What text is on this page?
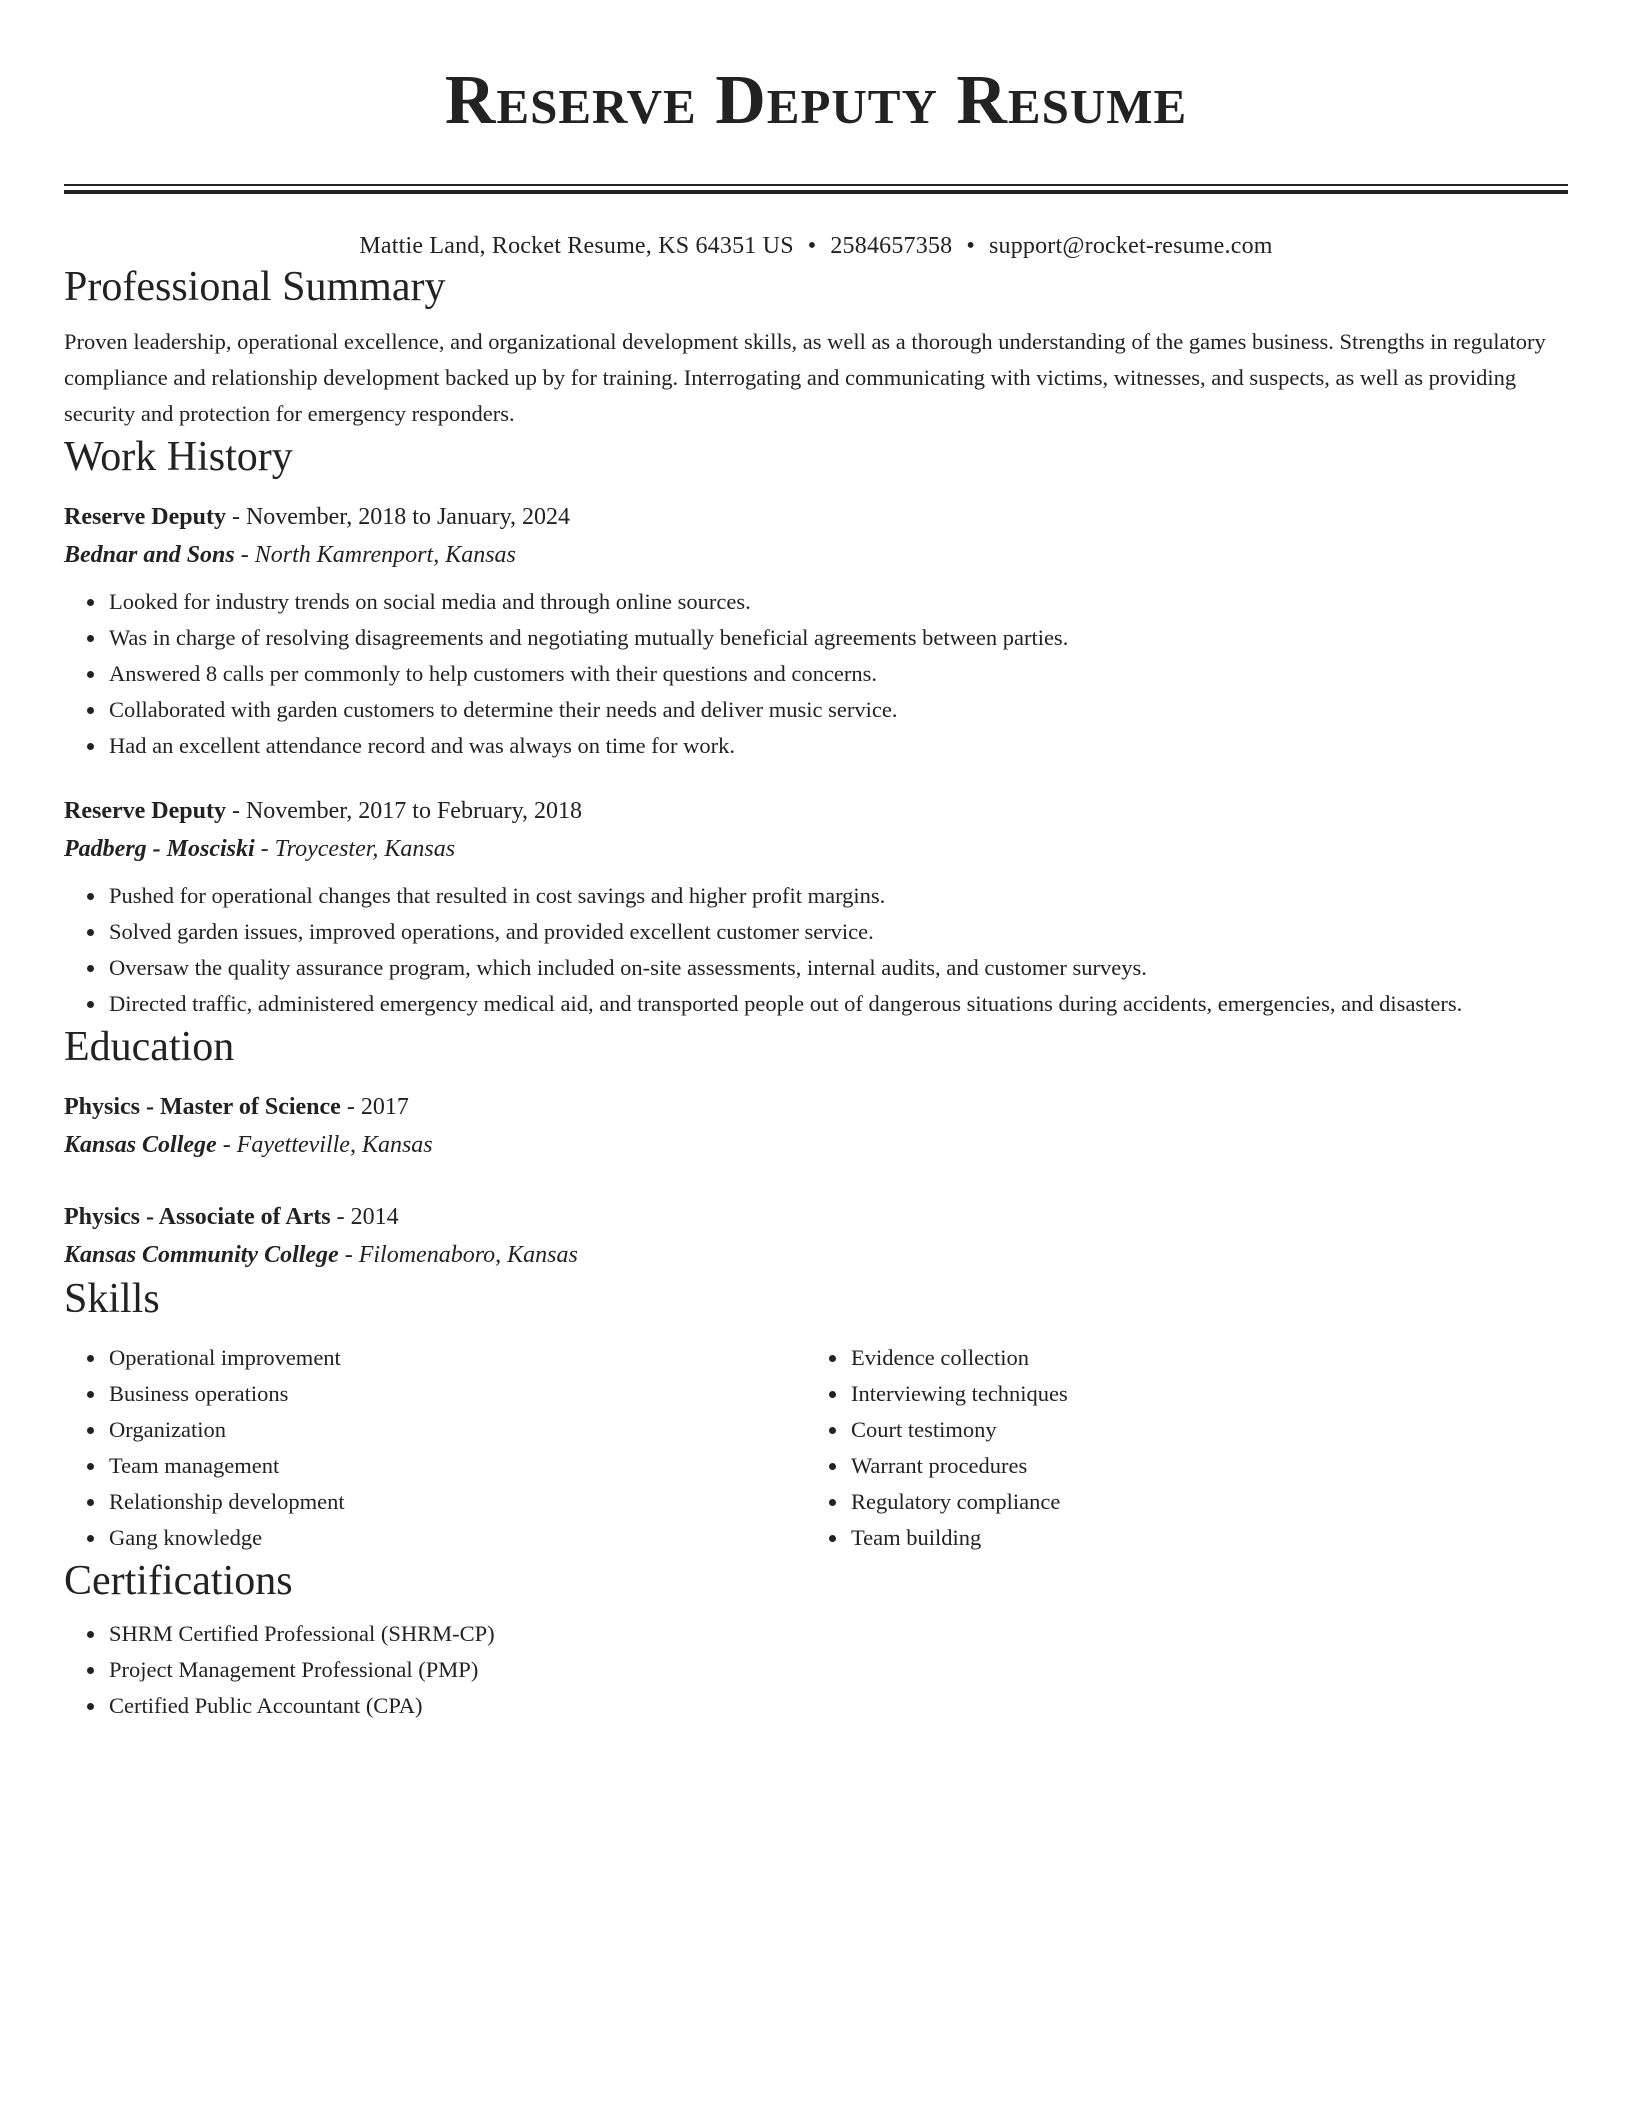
Reserve Deputy Resume
Mattie Land, Rocket Resume, KS 64351 US • 2584657358 • support@rocket-resume.com
Professional Summary
Proven leadership, operational excellence, and organizational development skills, as well as a thorough understanding of the games business. Strengths in regulatory compliance and relationship development backed up by for training. Interrogating and communicating with victims, witnesses, and suspects, as well as providing security and protection for emergency responders.
Work History
Reserve Deputy - November, 2018 to January, 2024
Bednar and Sons - North Kamrenport, Kansas
• Looked for industry trends on social media and through online sources.
• Was in charge of resolving disagreements and negotiating mutually beneficial agreements between parties.
• Answered 8 calls per commonly to help customers with their questions and concerns.
• Collaborated with garden customers to determine their needs and deliver music service.
• Had an excellent attendance record and was always on time for work.
Reserve Deputy - November, 2017 to February, 2018
Padberg - Mosciski - Troycester, Kansas
• Pushed for operational changes that resulted in cost savings and higher profit margins.
• Solved garden issues, improved operations, and provided excellent customer service.
• Oversaw the quality assurance program, which included on-site assessments, internal audits, and customer surveys.
• Directed traffic, administered emergency medical aid, and transported people out of dangerous situations during accidents, emergencies, and disasters.
Education
Physics - Master of Science - 2017
Kansas College - Fayetteville, Kansas
Physics - Associate of Arts - 2014
Kansas Community College - Filomenaboro, Kansas
Skills
• Operational improvement
• Business operations
• Organization
• Team management
• Relationship development
• Gang knowledge
• Evidence collection
• Interviewing techniques
• Court testimony
• Warrant procedures
• Regulatory compliance
• Team building
Certifications
• SHRM Certified Professional (SHRM-CP)
• Project Management Professional (PMP)
• Certified Public Accountant (CPA)
